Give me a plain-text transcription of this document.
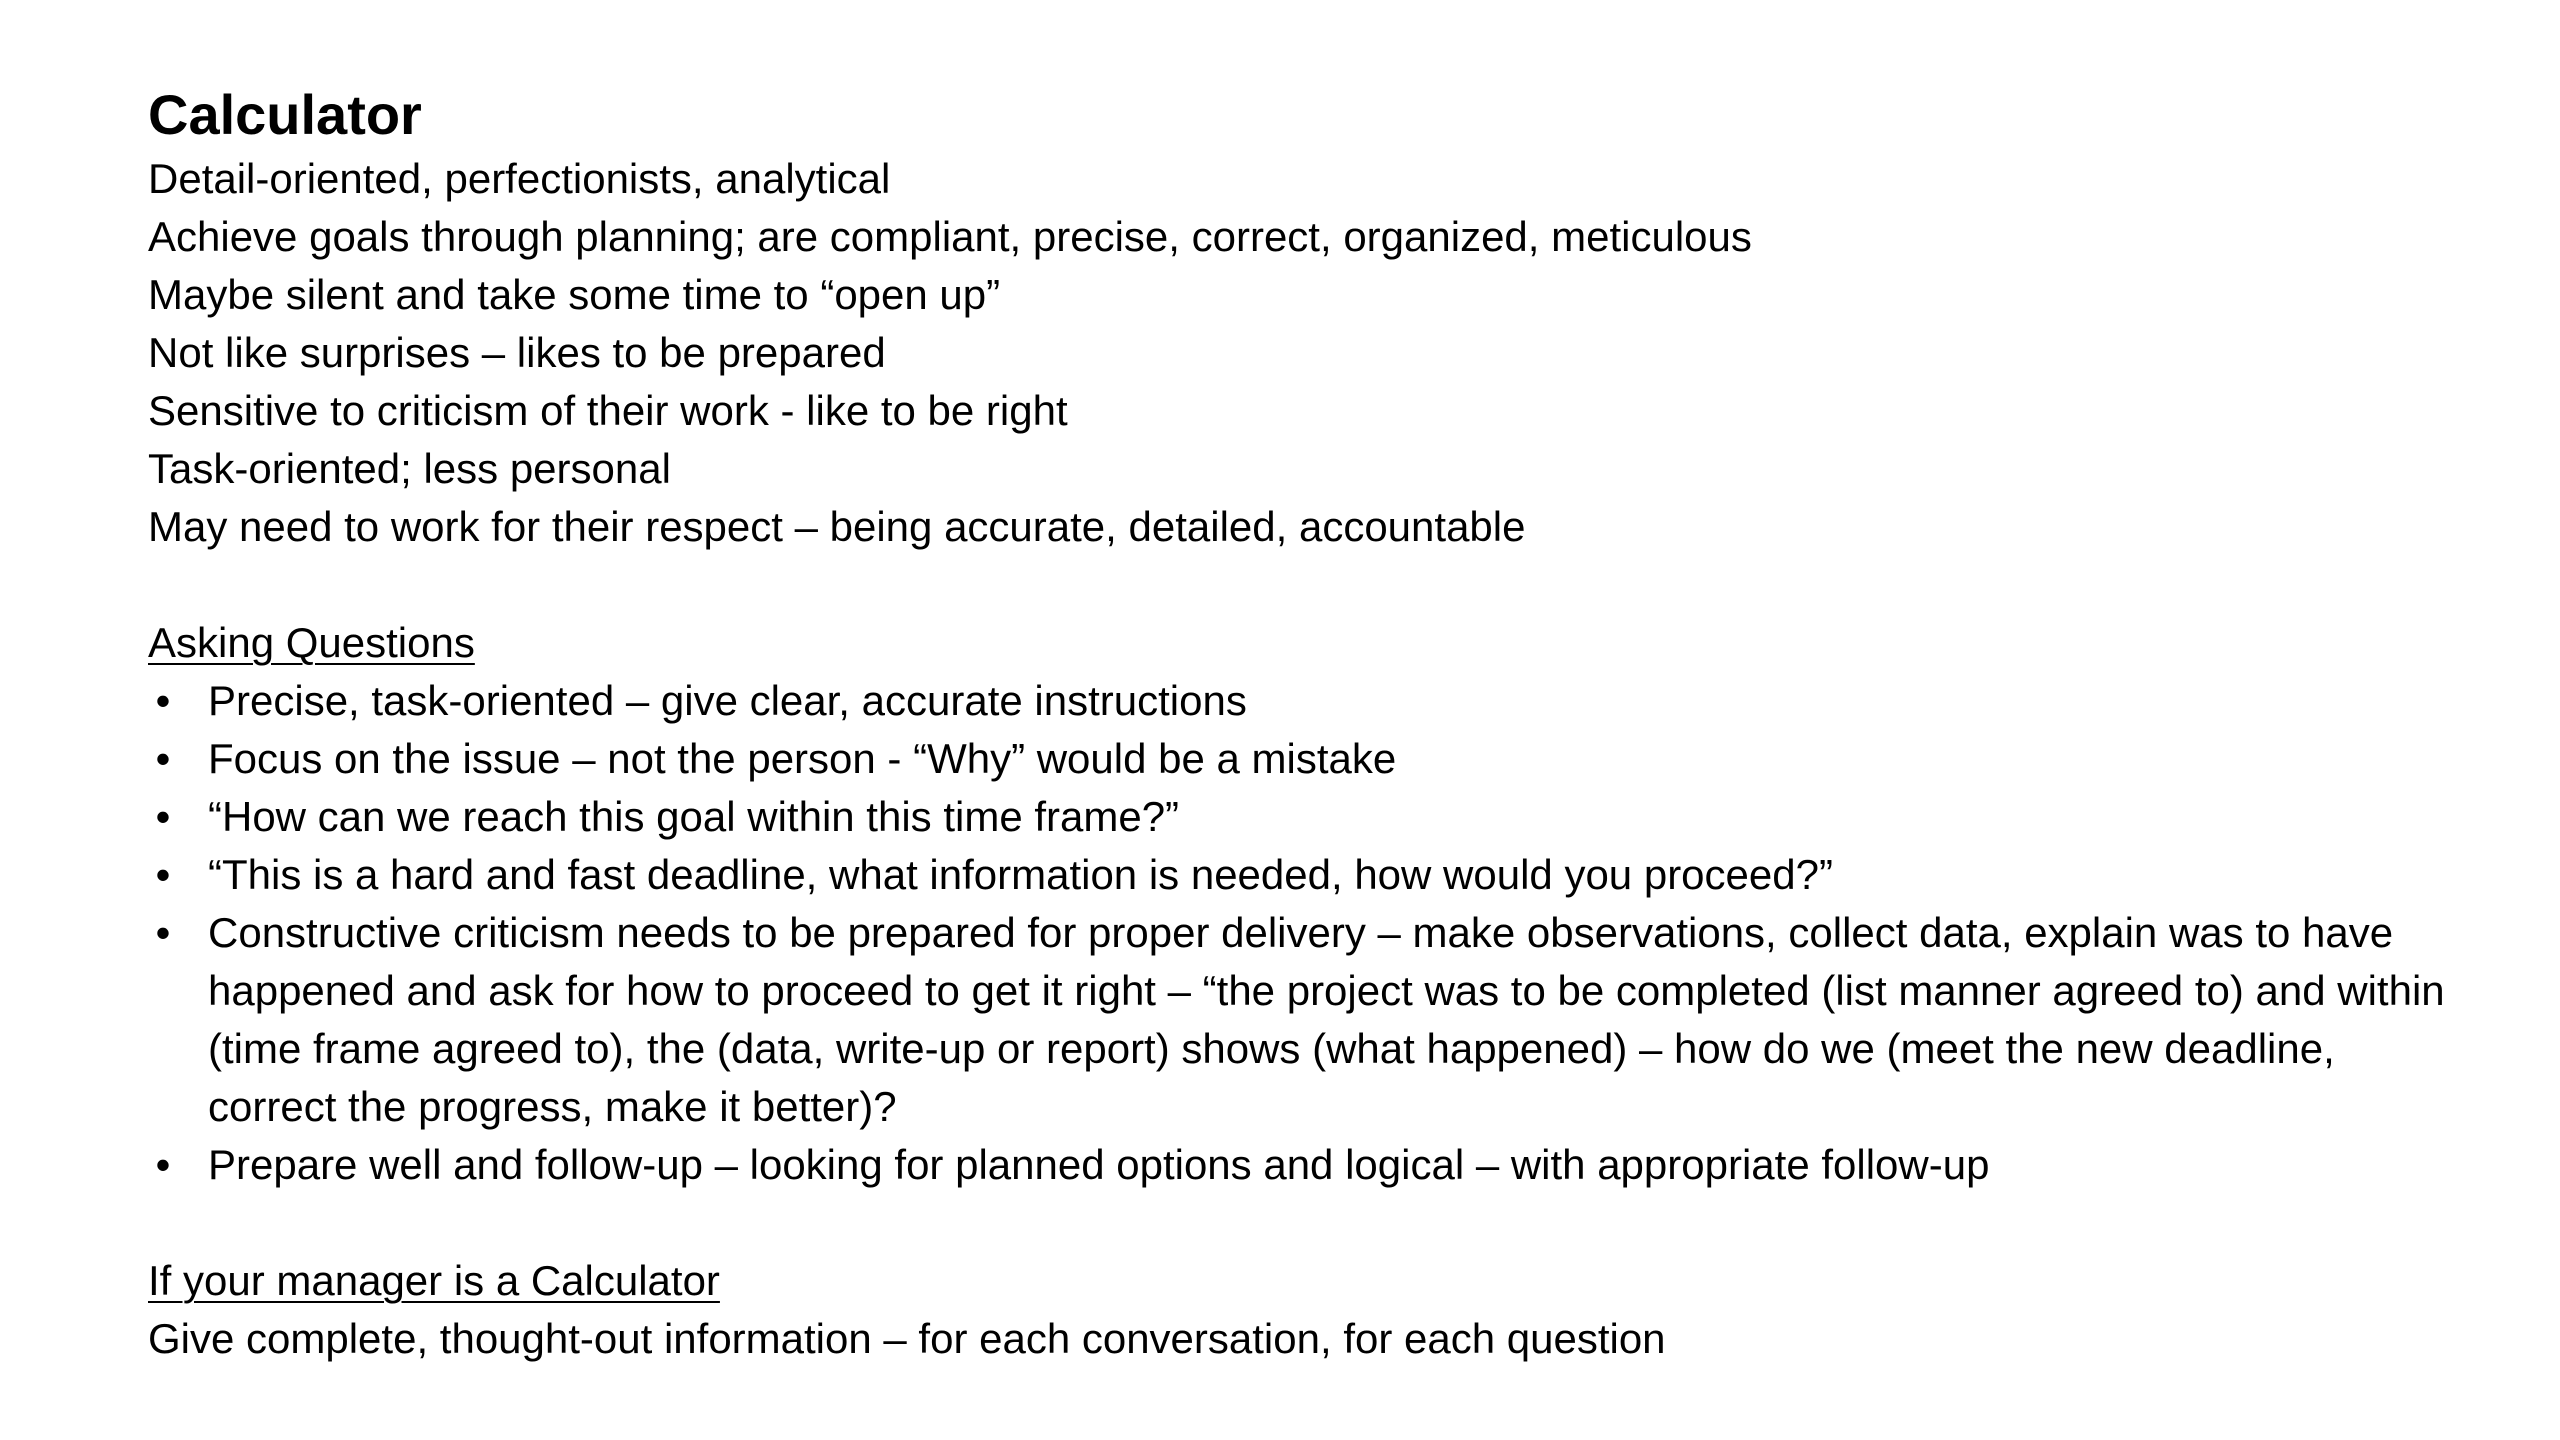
Calculator

Detail-oriented, perfectionists, analytical

Achieve goals through planning; are compliant, precise, correct, organized, meticulous

Maybe silent and take some time to “open up”

Not like surprises – likes to be prepared

Sensitive to criticism of their work - like to be right

Task-oriented; less personal

May need to work for their respect – being accurate, detailed, accountable

Asking Questions

• Precise, task-oriented – give clear, accurate instructions
• Focus on the issue – not the person - “Why” would be a mistake
• “How can we reach this goal within this time frame?”
• “This is a hard and fast deadline, what information is needed, how would you proceed?”
• Constructive criticism needs to be prepared for proper delivery – make observations, collect data, explain was to have happened and ask for how to proceed to get it right – “the project was to be completed (list manner agreed to) and within (time frame agreed to), the (data, write-up or report) shows (what happened) – how do we (meet the new deadline, correct the progress, make it better)?
• Prepare well and follow-up – looking for planned options and logical – with appropriate follow-up

If your manager is a Calculator

Give complete, thought-out information – for each conversation, for each question
